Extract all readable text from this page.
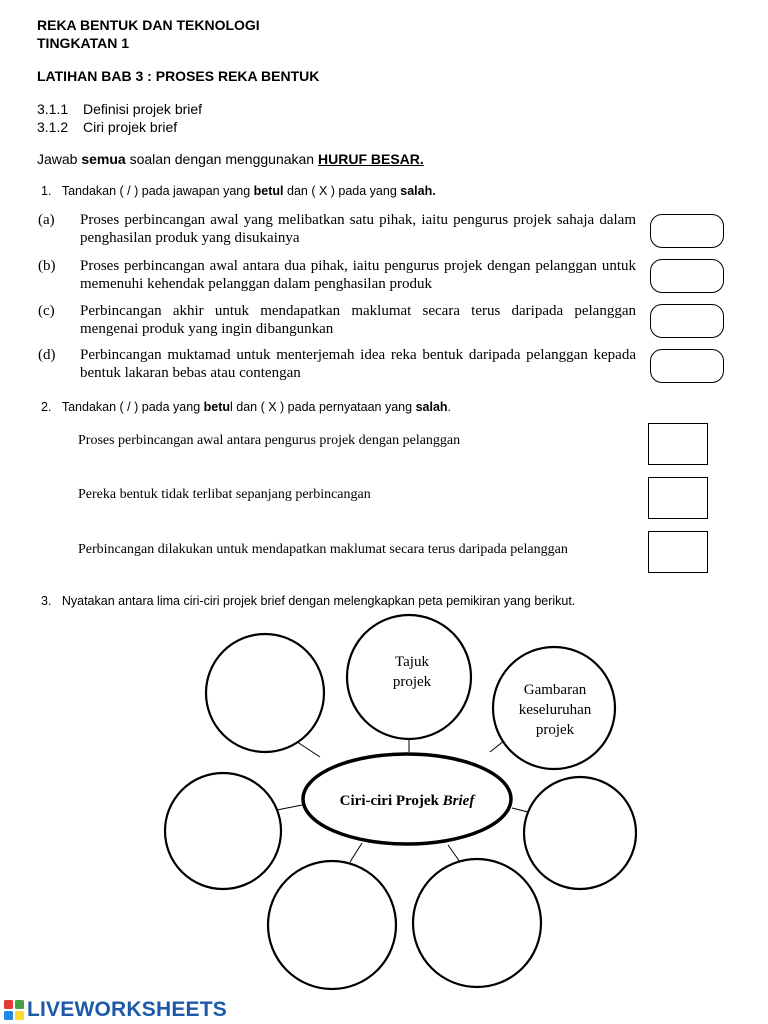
REKA BENTUK DAN TEKNOLOGI
TINGKATAN 1
LATIHAN BAB 3 : PROSES REKA BENTUK
3.1.1 Definisi projek brief
3.1.2 Ciri projek brief
Jawab semua soalan dengan menggunakan HURUF BESAR.
1. Tandakan ( / ) pada jawapan yang betul dan ( X ) pada yang salah.
(a)	Proses perbincangan awal yang melibatkan satu pihak, iaitu pengurus projek sahaja dalam penghasilan produk yang disukainya
(b)	Proses perbincangan awal antara dua pihak, iaitu pengurus projek dengan pelanggan untuk memenuhi kehendak pelanggan dalam penghasilan produk
(c)	Perbincangan akhir untuk mendapatkan maklumat secara terus daripada pelanggan mengenai produk yang ingin dibangunkan
(d)	Perbincangan muktamad untuk menterjemah idea reka bentuk daripada pelanggan kepada bentuk lakaran bebas atau contengan
2. Tandakan ( / ) pada yang betul dan ( X ) pada pernyataan yang salah.
Proses perbincangan awal antara pengurus projek dengan pelanggan
Pereka bentuk tidak terlibat sepanjang perbincangan
Perbincangan dilakukan untuk mendapatkan maklumat secara terus daripada pelanggan
3. Nyatakan antara lima ciri-ciri projek brief dengan melengkapkan peta pemikiran yang berikut.
Ciri-ciri Projek Brief
Tajuk
projek	Gambaran
keseluruhan
projek
LIVEWORKSHEETS
